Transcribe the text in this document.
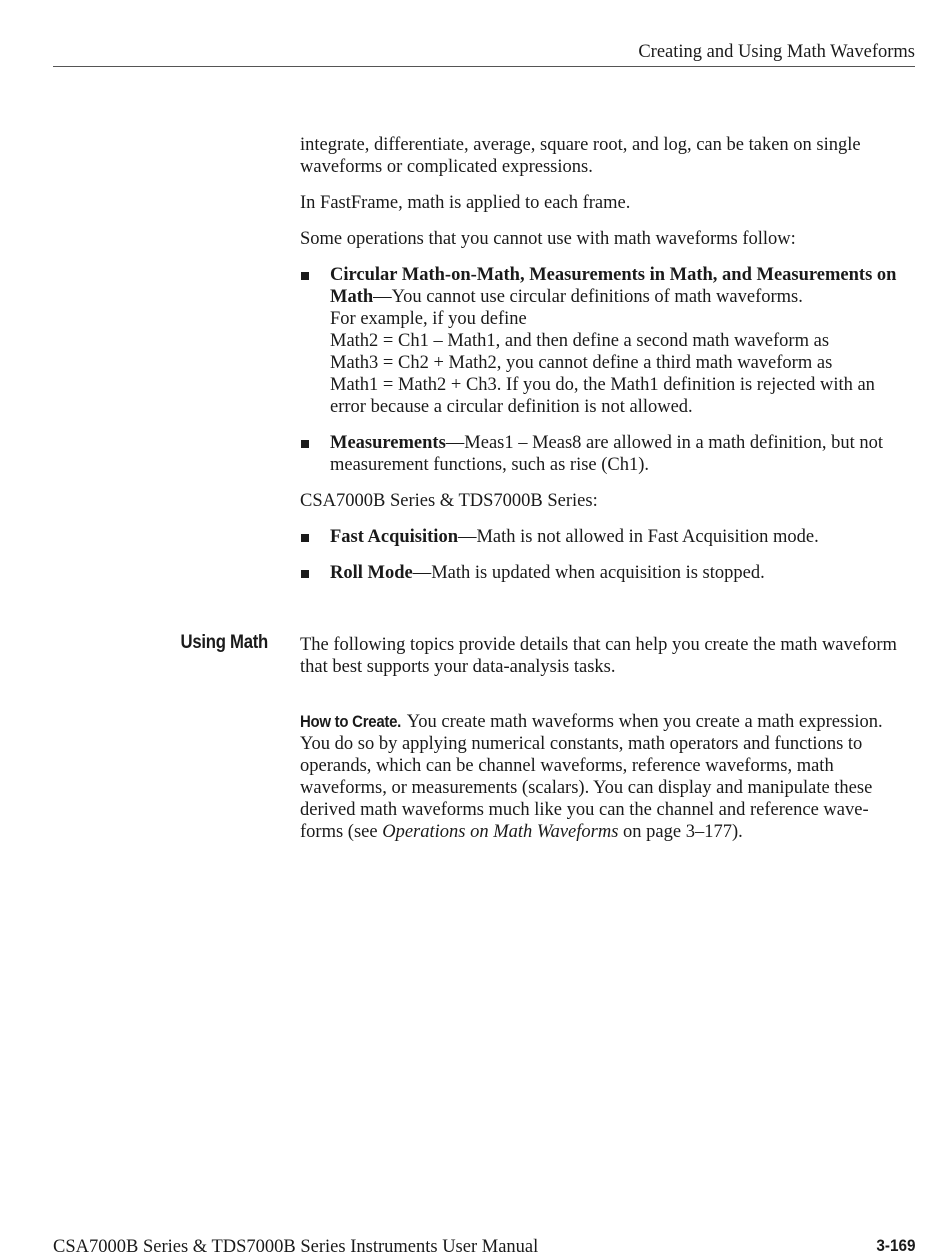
Creating and Using Math Waveforms

integrate, differentiate, average, square root, and log, can be taken on single
waveforms or complicated expressions.

In FastFrame, math is applied to each frame.

Some operations that you cannot use with math waveforms follow:

Circular Math-on-Math, Measurements in Math, and Measurements on
Math—You cannot use circular definitions of math waveforms.
For example, if you define
Math2 = Ch1 – Math1, and then define a second math waveform as
Math3 = Ch2 + Math2, you cannot define a third math waveform as
Math1 = Math2 + Ch3. If you do, the Math1 definition is rejected with an
error because a circular definition is not allowed.
Measurements—Meas1 – Meas8 are allowed in a math definition, but not
measurement functions, such as rise (Ch1).

CSA7000B Series & TDS7000B Series:

Fast Acquisition—Math is not allowed in Fast Acquisition mode.
Roll Mode—Math is updated when acquisition is stopped.
Using Math The following topics provide details that can help you create the math waveform
that best supports your data-analysis tasks.

How to Create. You create math waveforms when you create a math expression.
You do so by applying numerical constants, math operators and functions to
operands, which can be channel waveforms, reference waveforms, math
waveforms, or measurements (scalars). You can display and manipulate these
derived math waveforms much like you can the channel and reference wave-
forms (see Operations on Math Waveforms on page 3–177).

CSA7000B Series & TDS7000B Series Instruments User Manual	3-169
